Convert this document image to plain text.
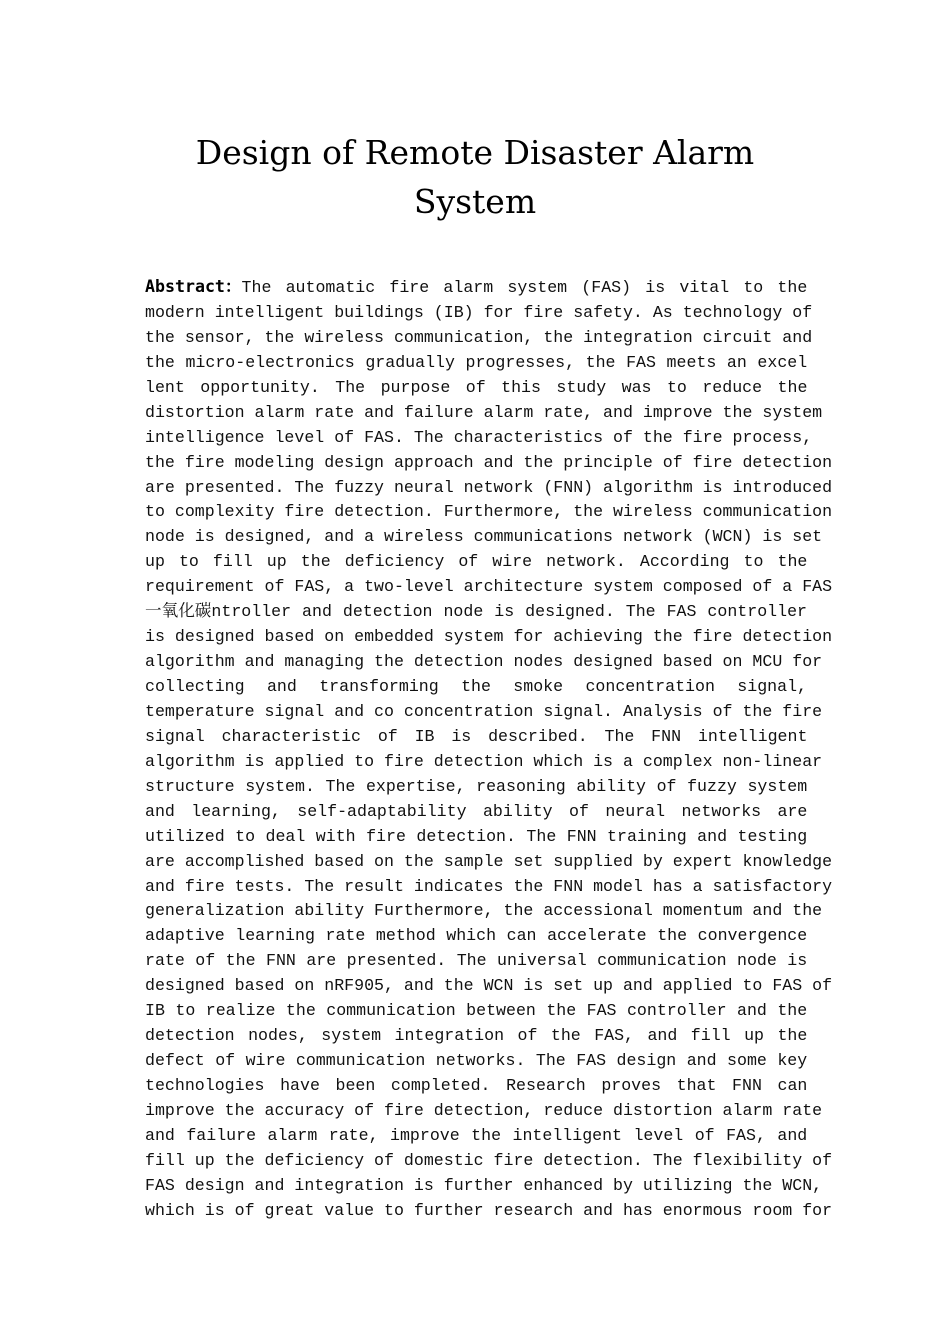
Design of Remote Disaster Alarm
System
Abstract：The automatic fire alarm system (FAS) is vital to the
modern intelligent buildings (IB) for fire safety. As technology of
the sensor, the wireless communication, the integration circuit and
the micro-electronics gradually progresses, the FAS meets an excel
lent opportunity. The purpose of this study was to reduce the
distortion alarm rate and failure alarm rate, and improve the system
intelligence level of FAS. The characteristics of the fire process,
the fire modeling design approach and the principle of fire detection
are presented. The fuzzy neural network (FNN) algorithm is introduced
to complexity fire detection. Furthermore, the wireless communication
node is designed, and a wireless communications network (WCN) is set
up to fill up the deficiency of wire network. According to the
requirement of FAS, a two-level architecture system composed of a FAS
一氧化碳ntroller and detection node is designed. The FAS controller
is designed based on embedded system for achieving the fire detection
algorithm and managing the detection nodes designed based on MCU for
collecting and transforming the smoke concentration signal,
temperature signal and co concentration signal. Analysis of the fire
signal characteristic of IB is described. The FNN intelligent
algorithm is applied to fire detection which is a complex non-linear
structure system. The expertise, reasoning ability of fuzzy system
and learning, self-adaptability ability of neural networks are
utilized to deal with fire detection. The FNN training and testing
are accomplished based on the sample set supplied by expert knowledge
and fire tests. The result indicates the FNN model has a satisfactory
generalization ability Furthermore, the accessional momentum and the
adaptive learning rate method which can accelerate the convergence
rate of the FNN are presented. The universal communication node is
designed based on nRF905, and the WCN is set up and applied to FAS of
IB to realize the communication between the FAS controller and the
detection nodes, system integration of the FAS, and fill up the
defect of wire communication networks. The FAS design and some key
technologies have been completed. Research proves that FNN can
improve the accuracy of fire detection, reduce distortion alarm rate
and failure alarm rate, improve the intelligent level of FAS, and
fill up the deficiency of domestic fire detection. The flexibility of
FAS design and integration is further enhanced by utilizing the WCN,
which is of great value to further research and has enormous room for
